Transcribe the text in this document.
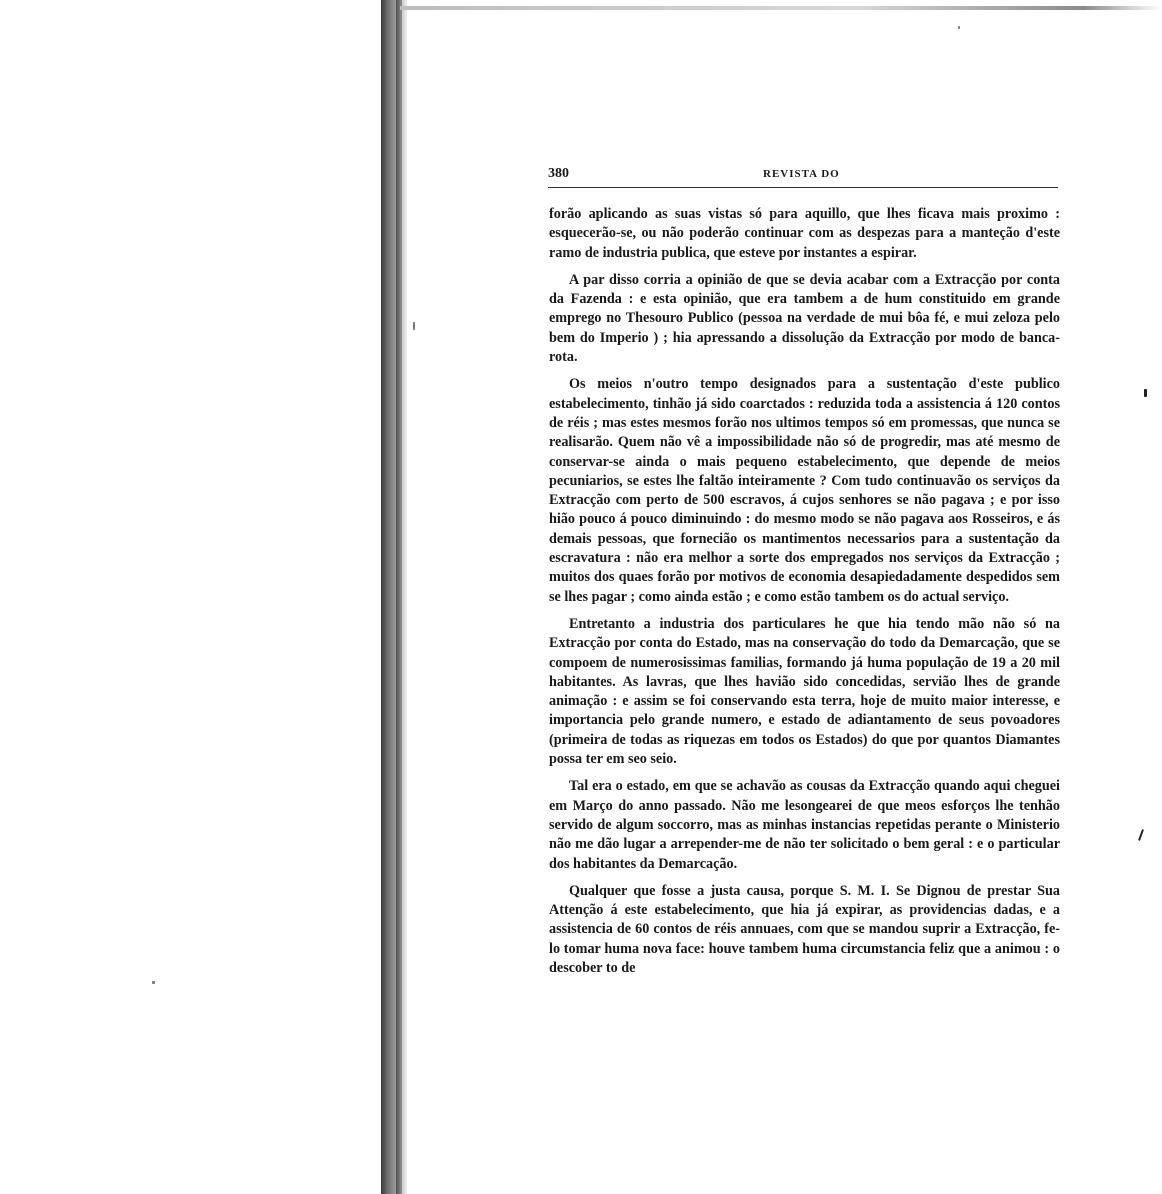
380	REVISTA DO

forão aplicando as suas vistas só para aquillo, que lhes ficava mais proximo : esquecerão-se, ou não poderão continuar com as despezas para a manteção d'este ramo de industria publica, que esteve por instantes a espirar.

A par disso corria a opinião de que se devia acabar com a Extracção por conta da Fazenda : e esta opinião, que era tambem a de hum constituido em grande emprego no Thesouro Publico (pessoa na verdade de mui bôa fé, e mui zeloza pelo bem do Imperio ) ; hia apressando a dissolução da Extracção por modo de banca-rota.

Os meios n'outro tempo designados para a sustentação d'este publico estabelecimento, tinhão já sido coarctados : reduzida toda a assistencia á 120 contos de réis ; mas estes mesmos forão nos ultimos tempos só em promessas, que nunca se realisarão. Quem não vê a impossibilidade não só de progredir, mas até mesmo de conservar-se ainda o mais pequeno estabelecimento, que depende de meios pecuniarios, se estes lhe faltão inteiramente ? Com tudo continuavão os serviços da Extracção com perto de 500 escravos, á cujos senhores se não pagava ; e por isso hião pouco á pouco diminuindo : do mesmo modo se não pagava aos Rosseiros, e ás demais pessoas, que fornecião os mantimentos necessarios para a sustentação da escravatura : não era melhor a sorte dos empregados nos serviços da Extracção ; muitos dos quaes forão por motivos de economia desapiedadamente despedidos sem se lhes pagar ; como ainda estão ; e como estão tambem os do actual serviço.

Entretanto a industria dos particulares he que hia tendo mão não só na Extracção por conta do Estado, mas na conservação do todo da Demarcação, que se compoem de numerosissimas familias, formando já huma população de 19 a 20 mil habitantes. As lavras, que lhes havião sido concedidas, servião lhes de grande animação : e assim se foi conservando esta terra, hoje de muito maior interesse, e importancia pelo grande numero, e estado de adiantamento de seus povoadores (primeira de todas as riquezas em todos os Estados) do que por quantos Diamantes possa ter em seo seio.

Tal era o estado, em que se achavão as cousas da Extracção quando aqui cheguei em Março do anno passado. Não me lesongearei de que meos esforços lhe tenhão servido de algum soccorro, mas as minhas instancias repetidas perante o Ministerio não me dão lugar a arrepender-me de não ter solicitado o bem geral : e o particular dos habitantes da Demarcação.

Qualquer que fosse a justa causa, porque S. M. I. Se Dignou de prestar Sua Attenção á este estabelecimento, que hia já expirar, as providencias dadas, e a assistencia de 60 contos de réis annuaes, com que se mandou suprir a Extracção, fe-lo tomar huma nova face: houve tambem huma circumstancia feliz que a animou : o descober to de
